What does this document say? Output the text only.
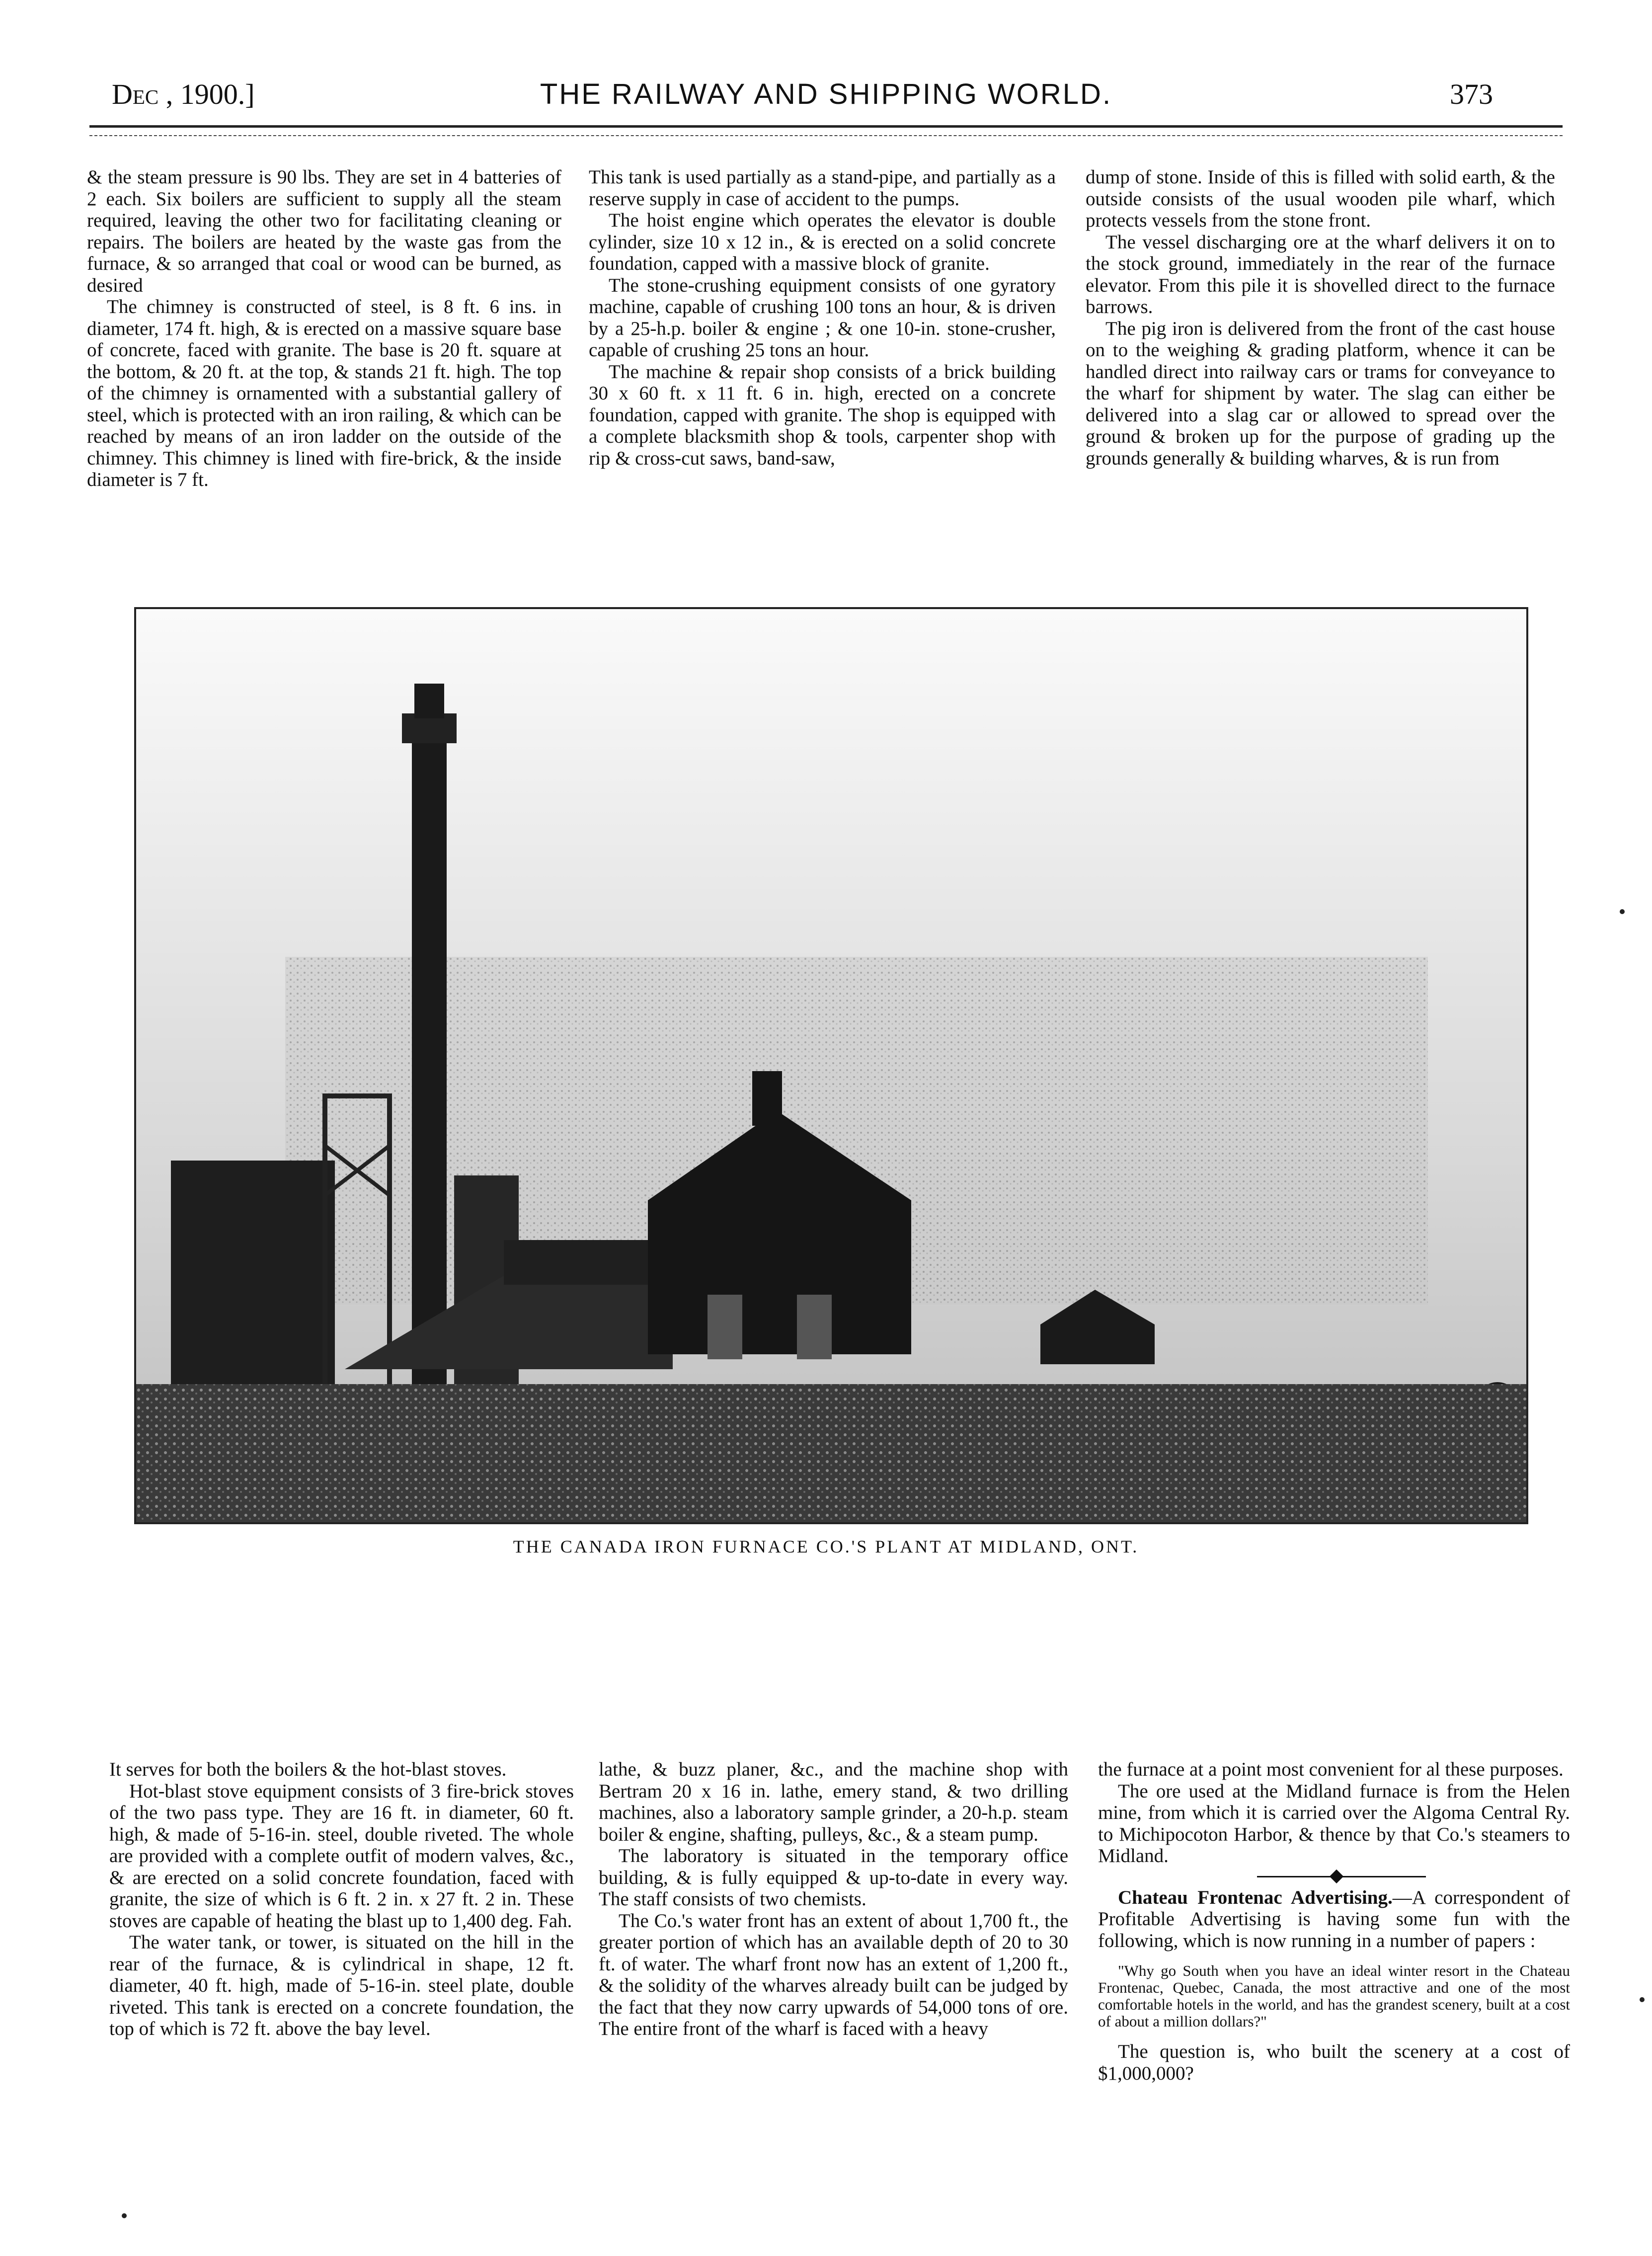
Dec , 1900.]	THE RAILWAY AND SHIPPING WORLD.	373

& the steam pressure is 90 lbs. They are set in 4 batteries of 2 each. Six boilers are sufficient to supply all the steam required, leaving the other two for facilitating cleaning or repairs. The boilers are heated by the waste gas from the furnace, & so arranged that coal or wood can be burned, as desired

The chimney is constructed of steel, is 8 ft. 6 ins. in diameter, 174 ft. high, & is erected on a massive square base of concrete, faced with granite. The base is 20 ft. square at the bottom, & 20 ft. at the top, & stands 21 ft. high. The top of the chimney is ornamented with a substantial gallery of steel, which is protected with an iron railing, & which can be reached by means of an iron ladder on the outside of the chimney. This chimney is lined with fire-brick, & the inside diameter is 7 ft.

This tank is used partially as a stand-pipe, and partially as a reserve supply in case of accident to the pumps.

The hoist engine which operates the elevator is double cylinder, size 10 x 12 in., & is erected on a solid concrete foundation, capped with a massive block of granite.

The stone-crushing equipment consists of one gyratory machine, capable of crushing 100 tons an hour, & is driven by a 25-h.p. boiler & engine ; & one 10-in. stone-crusher, capable of crushing 25 tons an hour.

The machine & repair shop consists of a brick building 30 x 60 ft. x 11 ft. 6 in. high, erected on a concrete foundation, capped with granite. The shop is equipped with a complete blacksmith shop & tools, carpenter shop with rip & cross-cut saws, band-saw,

dump of stone. Inside of this is filled with solid earth, & the outside consists of the usual wooden pile wharf, which protects vessels from the stone front.

The vessel discharging ore at the wharf delivers it on to the stock ground, immediately in the rear of the furnace elevator. From this pile it is shovelled direct to the furnace barrows.

The pig iron is delivered from the front of the cast house on to the weighing & grading platform, whence it can be handled direct into railway cars or trams for conveyance to the wharf for shipment by water. The slag can either be delivered into a slag car or allowed to spread over the ground & broken up for the purpose of grading up the grounds generally & building wharves, & is run from

THE CANADA IRON FURNACE CO.'S PLANT AT MIDLAND, ONT.

It serves for both the boilers & the hot-blast stoves.

Hot-blast stove equipment consists of 3 fire-brick stoves of the two pass type. They are 16 ft. in diameter, 60 ft. high, & made of 5-16-in. steel, double riveted. The whole are provided with a complete outfit of modern valves, &c., & are erected on a solid concrete foundation, faced with granite, the size of which is 6 ft. 2 in. x 27 ft. 2 in. These stoves are capable of heating the blast up to 1,400 deg. Fah.

The water tank, or tower, is situated on the hill in the rear of the furnace, & is cylindrical in shape, 12 ft. diameter, 40 ft. high, made of 5-16-in. steel plate, double riveted. This tank is erected on a concrete foundation, the top of which is 72 ft. above the bay level.

lathe, & buzz planer, &c., and the machine shop with Bertram 20 x 16 in. lathe, emery stand, & two drilling machines, also a laboratory sample grinder, a 20-h.p. steam boiler & engine, shafting, pulleys, &c., & a steam pump.

The laboratory is situated in the temporary office building, & is fully equipped & up-to-date in every way. The staff consists of two chemists.

The Co.'s water front has an extent of about 1,700 ft., the greater portion of which has an available depth of 20 to 30 ft. of water. The wharf front now has an extent of 1,200 ft., & the solidity of the wharves already built can be judged by the fact that they now carry upwards of 54,000 tons of ore. The entire front of the wharf is faced with a heavy

the furnace at a point most convenient for al these purposes.

The ore used at the Midland furnace is from the Helen mine, from which it is carried over the Algoma Central Ry. to Michipocoton Harbor, & thence by that Co.'s steamers to Midland.

Chateau Frontenac Advertising.—A correspondent of Profitable Advertising is having some fun with the following, which is now running in a number of papers :

"Why go South when you have an ideal winter resort in the Chateau Frontenac, Quebec, Canada, the most attractive and one of the most comfortable hotels in the world, and has the grandest scenery, built at a cost of about a million dollars?"

The question is, who built the scenery at a cost of $1,000,000?
